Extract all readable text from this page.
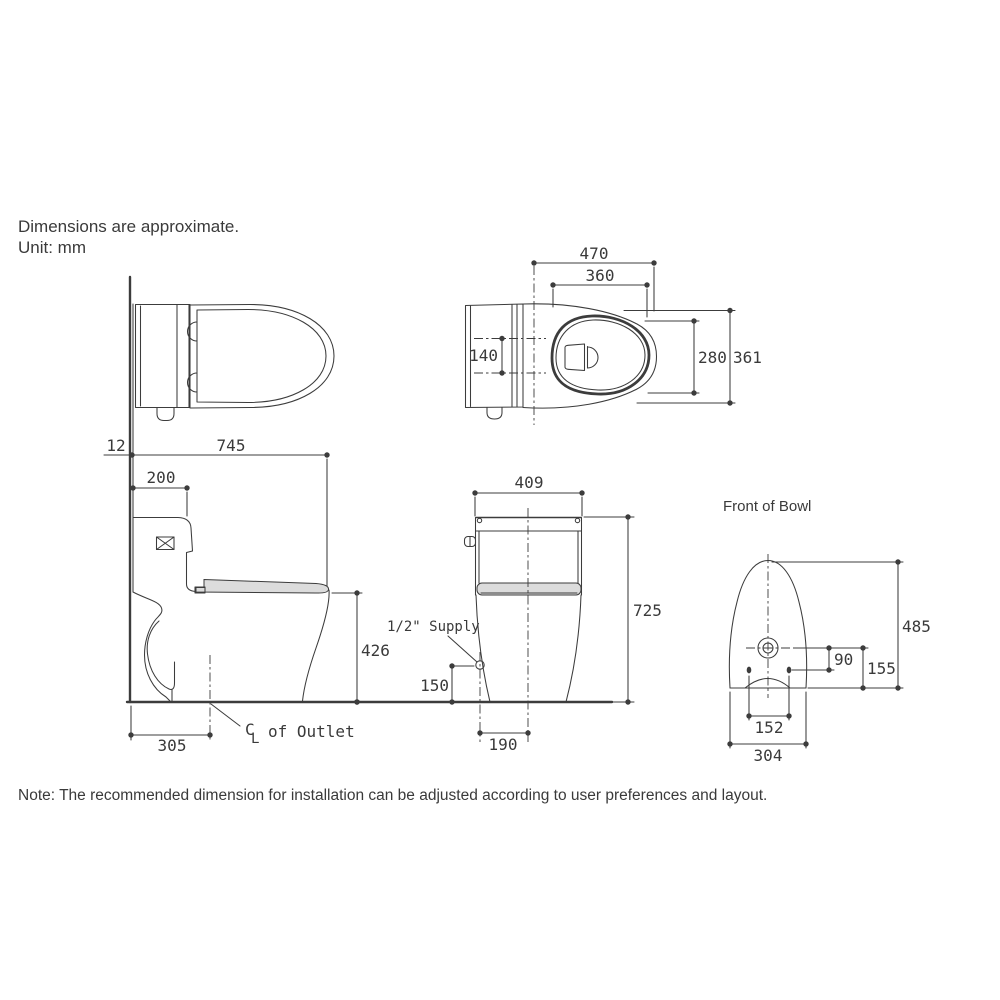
Dimensions are approximate.
Unit: mm
12	745
200
426
305
C
L of Outlet
470
360
140	280 361
409
725
150
190
1/2" Supply
Front of Bowl
485
90 155
152
304
Note: The recommended dimension for installation can be adjusted according to user preferences and layout.
